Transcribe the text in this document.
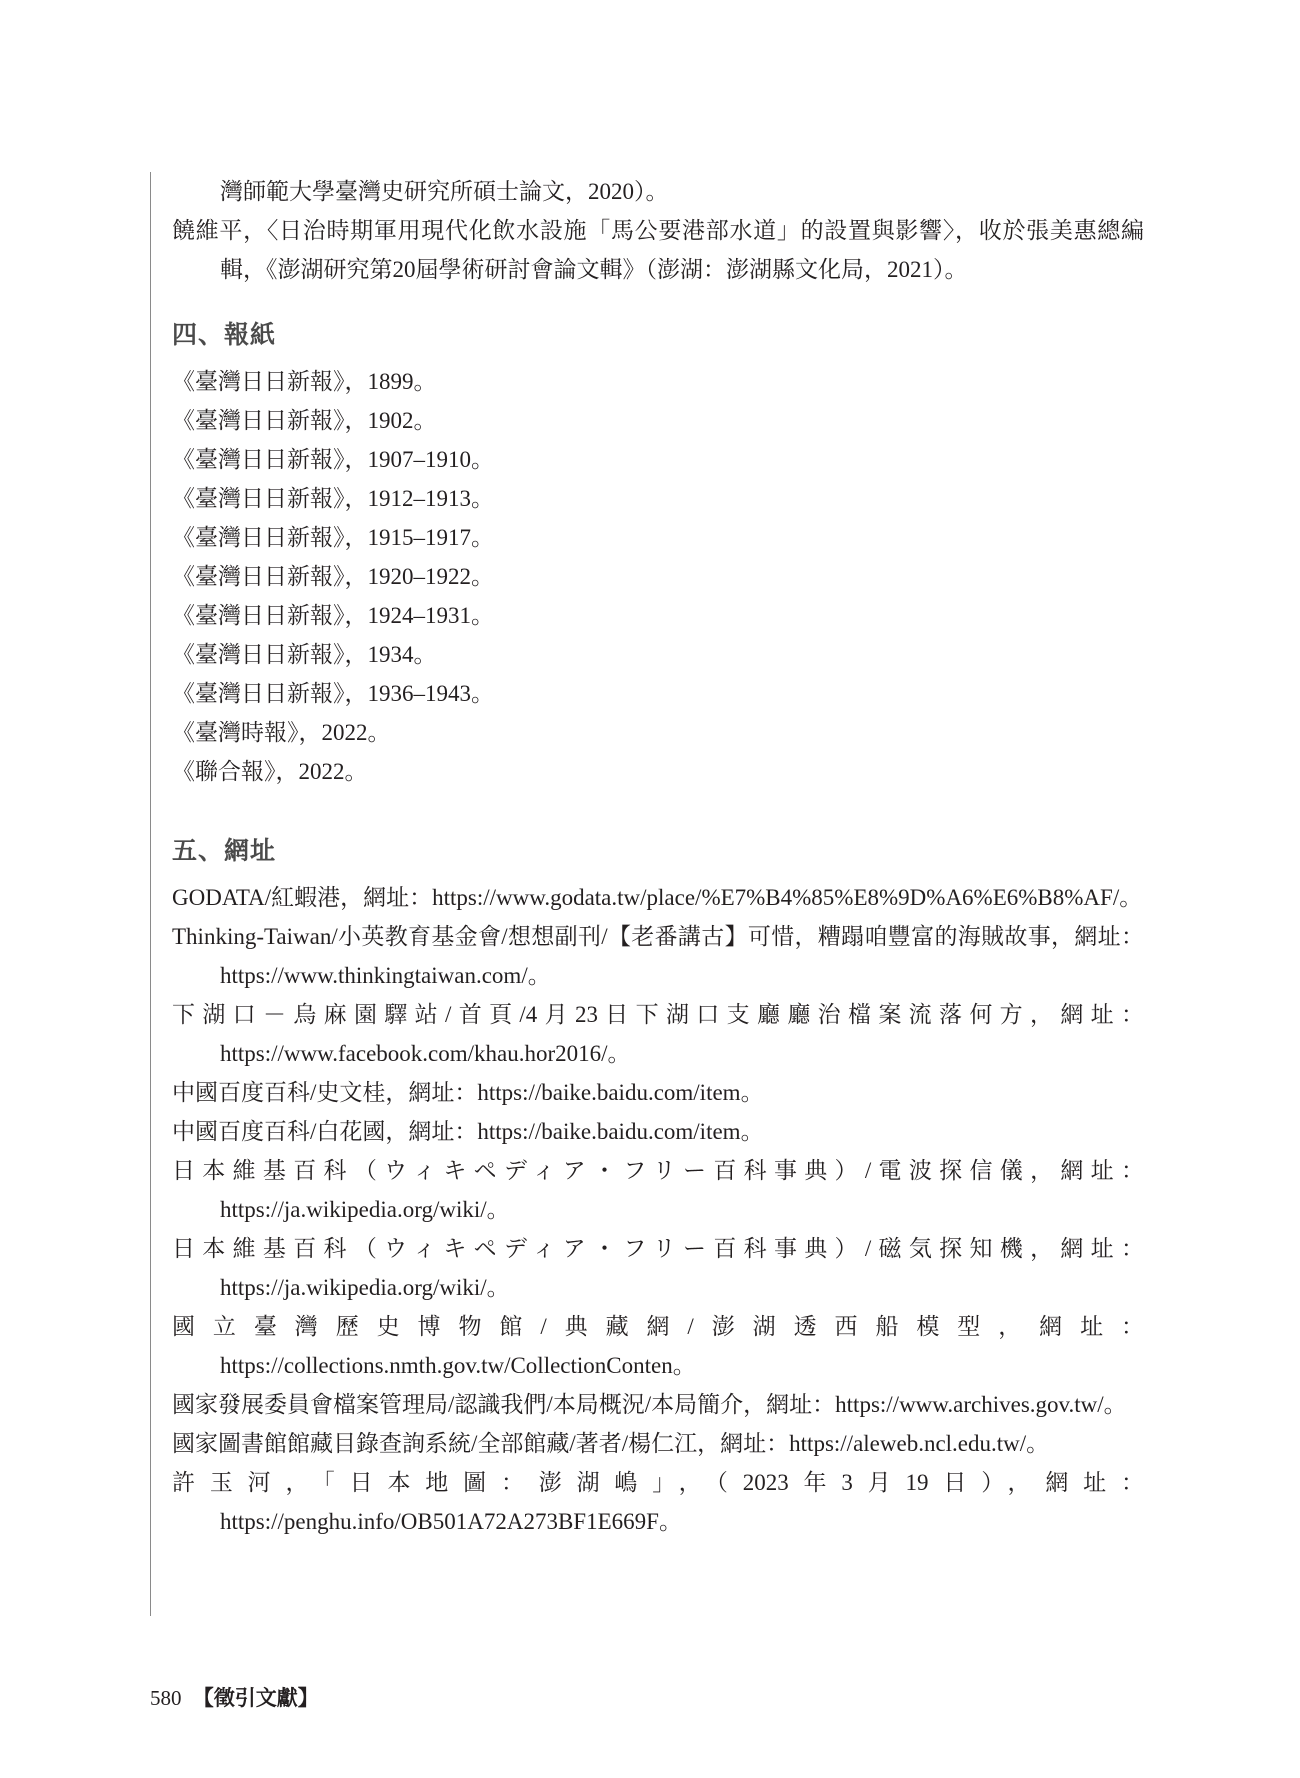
灣師範大學臺灣史研究所碩士論文，2020）。

饒維平，〈日治時期軍用現代化飲水設施「馬公要港部水道」的設置與影響〉，收於張美惠總編輯，《澎湖研究第20屆學術研討會論文輯》（澎湖：澎湖縣文化局，2021）。

四、報紙

《臺灣日日新報》，1899。

《臺灣日日新報》，1902。

《臺灣日日新報》，1907–1910。

《臺灣日日新報》，1912–1913。

《臺灣日日新報》，1915–1917。

《臺灣日日新報》，1920–1922。

《臺灣日日新報》，1924–1931。

《臺灣日日新報》，1934。

《臺灣日日新報》，1936–1943。

《臺灣時報》，2022。

《聯合報》，2022。

五、網址

GODATA/紅蝦港，網址：https://www.godata.tw/place/%E7%B4%85%E8%9D%A6%E6%B8%AF/。

Thinking-Taiwan/小英教育基金會/想想副刊/【老番講古】可惜，糟蹋咱豐富的海賊故事，網址：https://www.thinkingtaiwan.com/。

下湖口－烏麻園驛站/首頁/4月23日下湖口支廳廳治檔案流落何方，網址：https://www.facebook.com/khau.hor2016/。

中國百度百科/史文桂，網址：https://baike.baidu.com/item。

中國百度百科/白花國，網址：https://baike.baidu.com/item。

日本維基百科（ウィキペディア・フリー百科事典）/電波探信儀，網址：https://ja.wikipedia.org/wiki/。

日本維基百科（ウィキペディア・フリー百科事典）/磁気探知機，網址：https://ja.wikipedia.org/wiki/。

國立臺灣歷史博物館/典藏網/澎湖透西船模型，網址：https://collections.nmth.gov.tw/CollectionConten。

國家發展委員會檔案管理局/認識我們/本局概況/本局簡介，網址：https://www.archives.gov.tw/。

國家圖書館館藏目錄查詢系統/全部館藏/著者/楊仁江，網址：https://aleweb.ncl.edu.tw/。

許玉河，「日本地圖：澎湖嶋」，（2023年3月19日），網址：https://penghu.info/OB501A72A273BF1E669F。

580 【徵引文獻】
